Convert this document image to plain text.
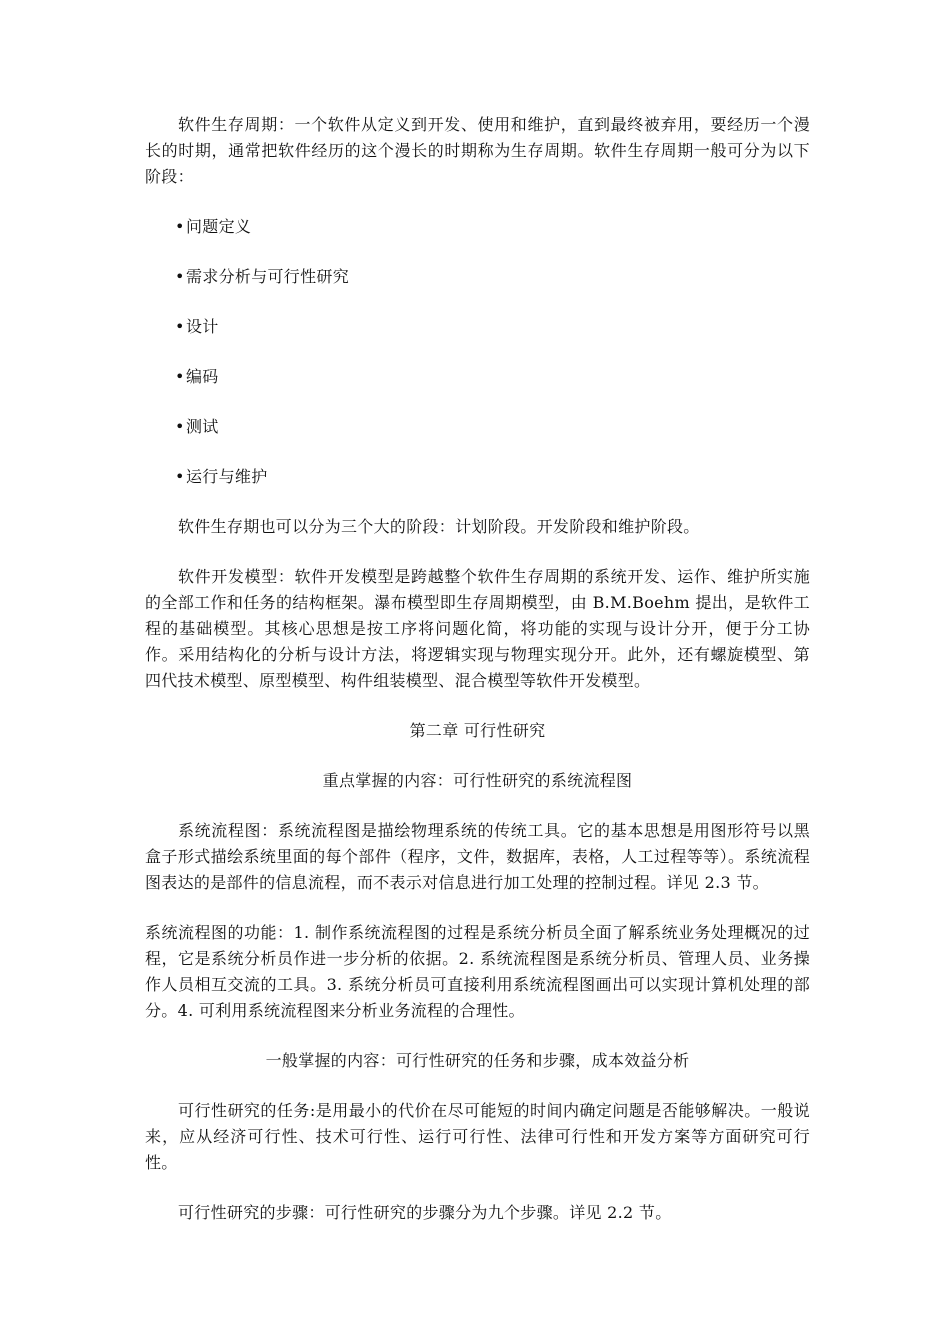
软件生存周期：一个软件从定义到开发、使用和维护，直到最终被弃用，要经历一个漫长的时期，通常把软件经历的这个漫长的时期称为生存周期。软件生存周期一般可分为以下阶段：

• 问题定义
• 需求分析与可行性研究
• 设计
• 编码
• 测试
• 运行与维护

软件生存期也可以分为三个大的阶段：计划阶段。开发阶段和维护阶段。

软件开发模型：软件开发模型是跨越整个软件生存周期的系统开发、运作、维护所实施的全部工作和任务的结构框架。瀑布模型即生存周期模型，由 B.M.Boehm 提出，是软件工程的基础模型。其核心思想是按工序将问题化简，将功能的实现与设计分开，便于分工协作。采用结构化的分析与设计方法，将逻辑实现与物理实现分开。此外，还有螺旋模型、第四代技术模型、原型模型、构件组装模型、混合模型等软件开发模型。

第二章 可行性研究

重点掌握的内容：可行性研究的系统流程图

系统流程图：系统流程图是描绘物理系统的传统工具。它的基本思想是用图形符号以黑盒子形式描绘系统里面的每个部件（程序，文件，数据库，表格，人工过程等等）。系统流程图表达的是部件的信息流程，而不表示对信息进行加工处理的控制过程。详见 2.3 节。

系统流程图的功能：1. 制作系统流程图的过程是系统分析员全面了解系统业务处理概况的过程，它是系统分析员作进一步分析的依据。2. 系统流程图是系统分析员、管理人员、业务操作人员相互交流的工具。3. 系统分析员可直接利用系统流程图画出可以实现计算机处理的部分。4. 可利用系统流程图来分析业务流程的合理性。

一般掌握的内容：可行性研究的任务和步骤，成本效益分析

可行性研究的任务:是用最小的代价在尽可能短的时间内确定问题是否能够解决。一般说来，应从经济可行性、技术可行性、运行可行性、法律可行性和开发方案等方面研究可行性。

可行性研究的步骤：可行性研究的步骤分为九个步骤。详见 2.2 节。
